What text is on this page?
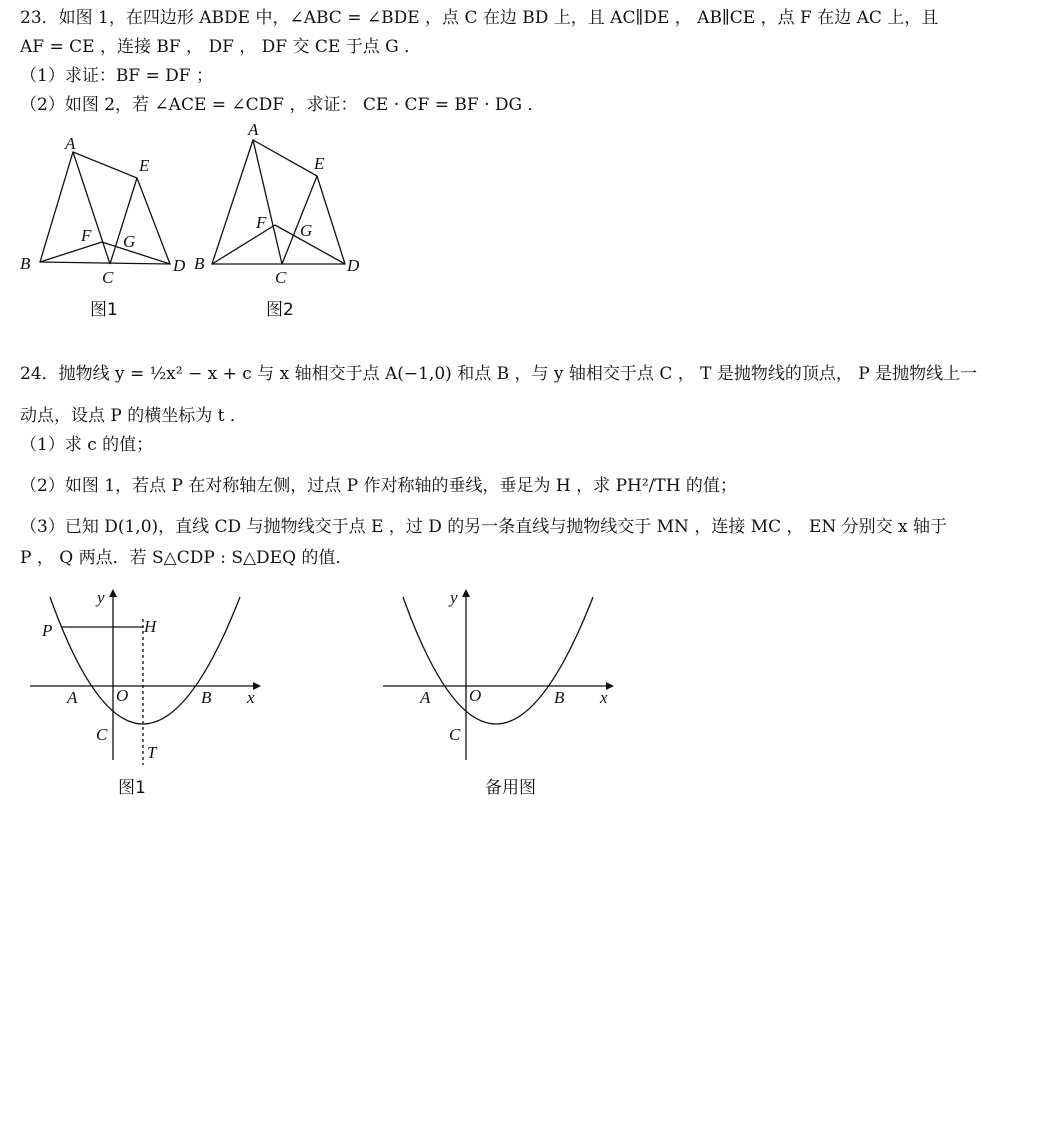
23．如图 1，在四边形 ABDE 中，∠ABC = ∠BDE ，点 C 在边 BD 上，且 AC∥DE ， AB∥CE ，点 F 在边 AC 上，且
AF = CE ，连接 BF ， DF ， DF 交 CE 于点 G ．
（1）求证：BF = DF ；
（2）如图 2，若 ∠ACE = ∠CDF ，求证： CE · CF = BF · DG ．
A
E
F G
B
C
D
图1
A
E
F G
B
C
D
图2
24．抛物线 y = ½x² − x + c 与 x 轴相交于点 A(−1,0) 和点 B ，与 y 轴相交于点 C ， T 是抛物线的顶点， P 是抛物线上一
动点，设点 P 的横坐标为 t ．
（1）求 c 的值；
（2）如图 1，若点 P 在对称轴左侧，过点 P 作对称轴的垂线，垂足为 H ，求 PH²/TH 的值；
（3）已知 D(1,0)，直线 CD 与抛物线交于点 E ，过 D 的另一条直线与抛物线交于 MN ，连接 MC ， EN 分别交 x 轴于
P ， Q 两点．若 S△CDP : S△DEQ 的值．
y
x
P	H
A O	B
C
T
图1
y
x
A O	B
C
备用图
